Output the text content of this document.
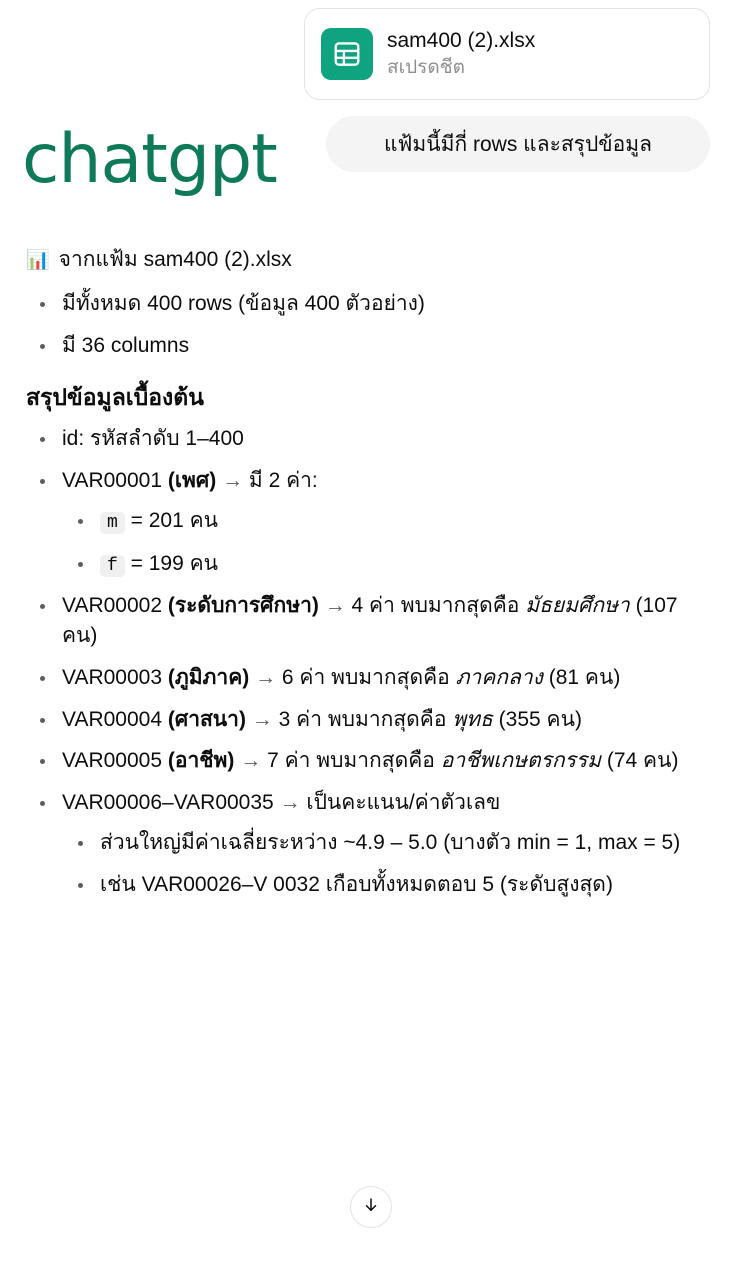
sam400 (2).xlsx
สเปรดชีต
แฟ้มนี้มีกี่ rows และสรุปข้อมูล
chatgpt
📊 จากแฟ้ม sam400 (2).xlsx
มีทั้งหมด 400 rows (ข้อมูล 400 ตัวอย่าง)
มี 36 columns
สรุปข้อมูลเบื้องต้น
id: รหัสลำดับ 1–400
VAR00001 (เพศ) → มี 2 ค่า:
m = 201 คน
f = 199 คน
VAR00002 (ระดับการศึกษา) → 4 ค่า พบมากสุดคือ มัธยมศึกษา (107 คน)
VAR00003 (ภูมิภาค) → 6 ค่า พบมากสุดคือ ภาคกลาง (81 คน)
VAR00004 (ศาสนา) → 3 ค่า พบมากสุดคือ พุทธ (355 คน)
VAR00005 (อาชีพ) → 7 ค่า พบมากสุดคือ อาชีพเกษตรกรรม (74 คน)
VAR00006–VAR00035 → เป็นคะแนน/ค่าตัวเลข
ส่วนใหญ่มีค่าเฉลี่ยระหว่าง ~4.9 – 5.0 (บางตัว min = 1, max = 5)
เช่น VAR00026–V 0032 เกือบทั้งหมดตอบ 5 (ระดับสูงสุด)
